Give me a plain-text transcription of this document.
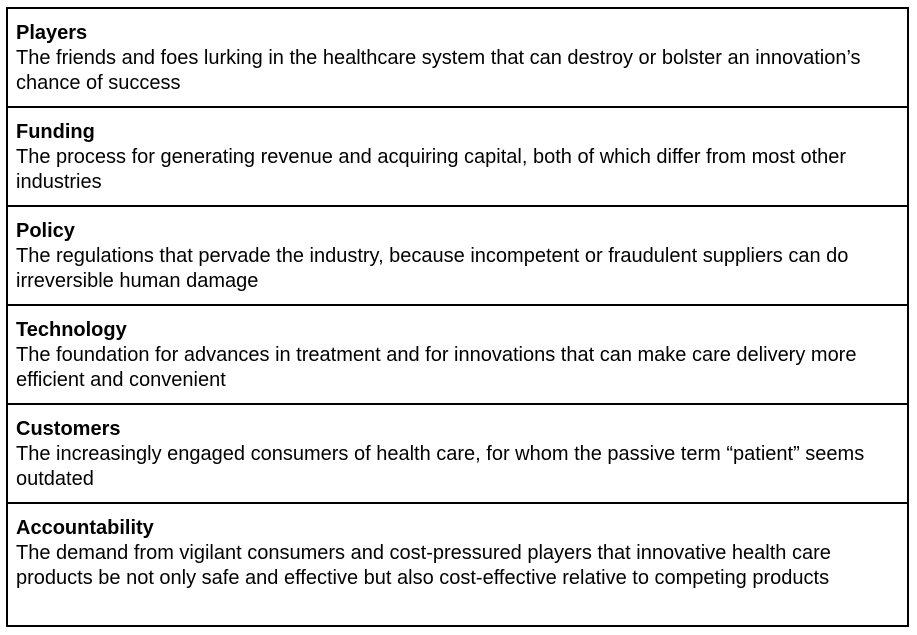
Players

The friends and foes lurking in the healthcare system that can destroy or bolster an innovation’s chance of success

Funding

The process for generating revenue and acquiring capital, both of which differ from most other industries

Policy

The regulations that pervade the industry, because incompetent or fraudulent suppliers can do irreversible human damage

Technology

The foundation for advances in treatment and for innovations that can make care delivery more efficient and convenient

Customers

The increasingly engaged consumers of health care, for whom the passive term “patient” seems outdated

Accountability

The demand from vigilant consumers and cost-pressured players that innovative health care products be not only safe and effective but also cost-effective relative to competing products
